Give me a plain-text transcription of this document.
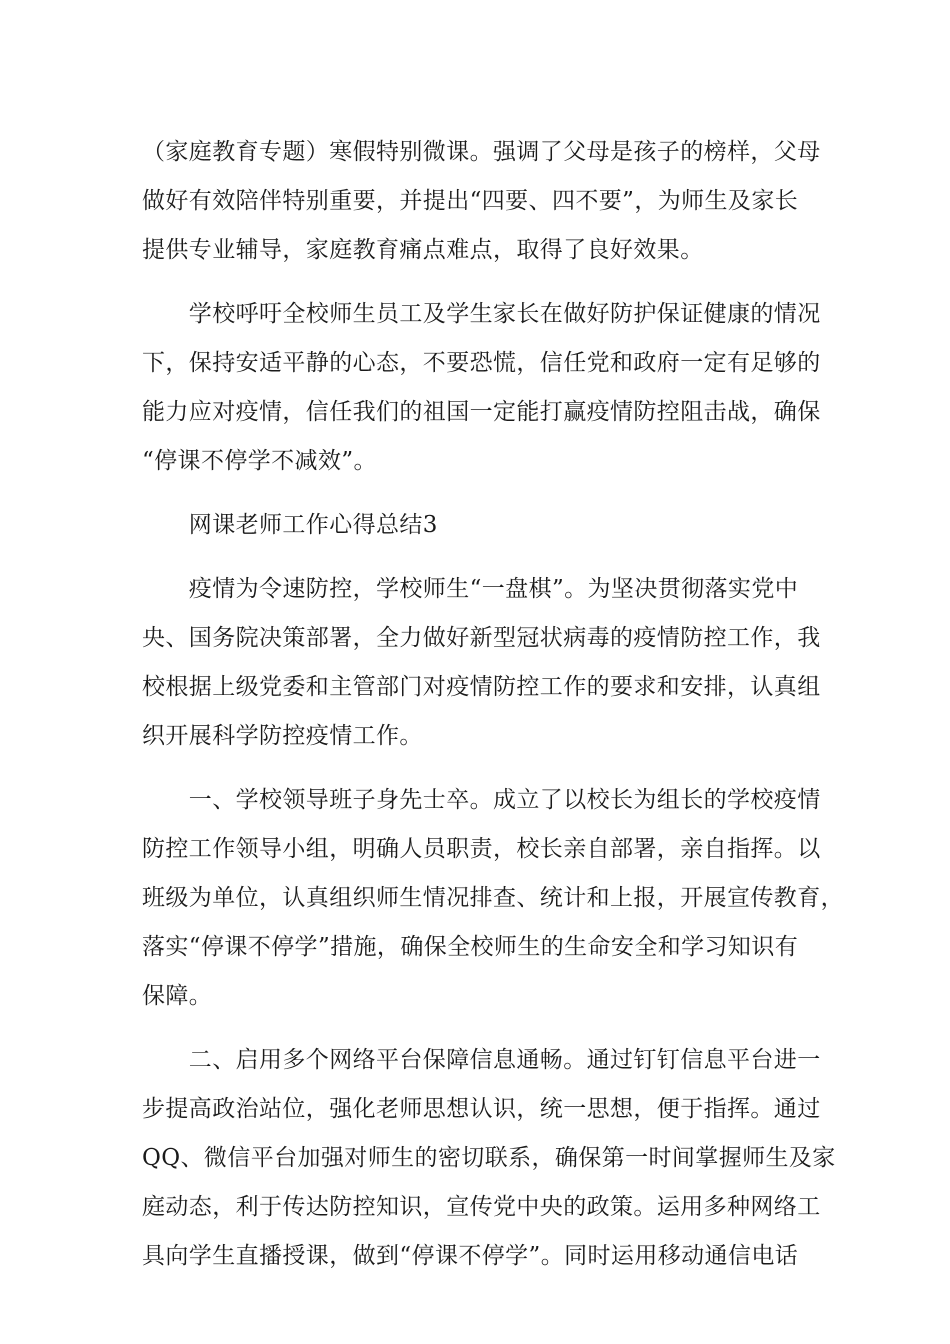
（家庭教育专题）寒假特别微课。强调了父母是孩子的榜样，父母
做好有效陪伴特别重要，并提出“四要、四不要”，为师生及家长
提供专业辅导，家庭教育痛点难点，取得了良好效果。
　　学校呼吁全校师生员工及学生家长在做好防护保证健康的情况
下，保持安适平静的心态，不要恐慌，信任党和政府一定有足够的
能力应对疫情，信任我们的祖国一定能打赢疫情防控阻击战，确保
“停课不停学不减效”。
　　网课老师工作心得总结3
　　疫情为令速防控，学校师生“一盘棋”。为坚决贯彻落实党中
央、国务院决策部署，全力做好新型冠状病毒的疫情防控工作，我
校根据上级党委和主管部门对疫情防控工作的要求和安排，认真组
织开展科学防控疫情工作。
　　一、学校领导班子身先士卒。成立了以校长为组长的学校疫情
防控工作领导小组，明确人员职责，校长亲自部署，亲自指挥。以
班级为单位，认真组织师生情况排查、统计和上报，开展宣传教育，
落实“停课不停学”措施，确保全校师生的生命安全和学习知识有
保障。
　　二、启用多个网络平台保障信息通畅。通过钉钉信息平台进一
步提高政治站位，强化老师思想认识，统一思想，便于指挥。通过
QQ、微信平台加强对师生的密切联系，确保第一时间掌握师生及家
庭动态，利于传达防控知识，宣传党中央的政策。运用多种网络工
具向学生直播授课，做到“停课不停学”。同时运用移动通信电话
